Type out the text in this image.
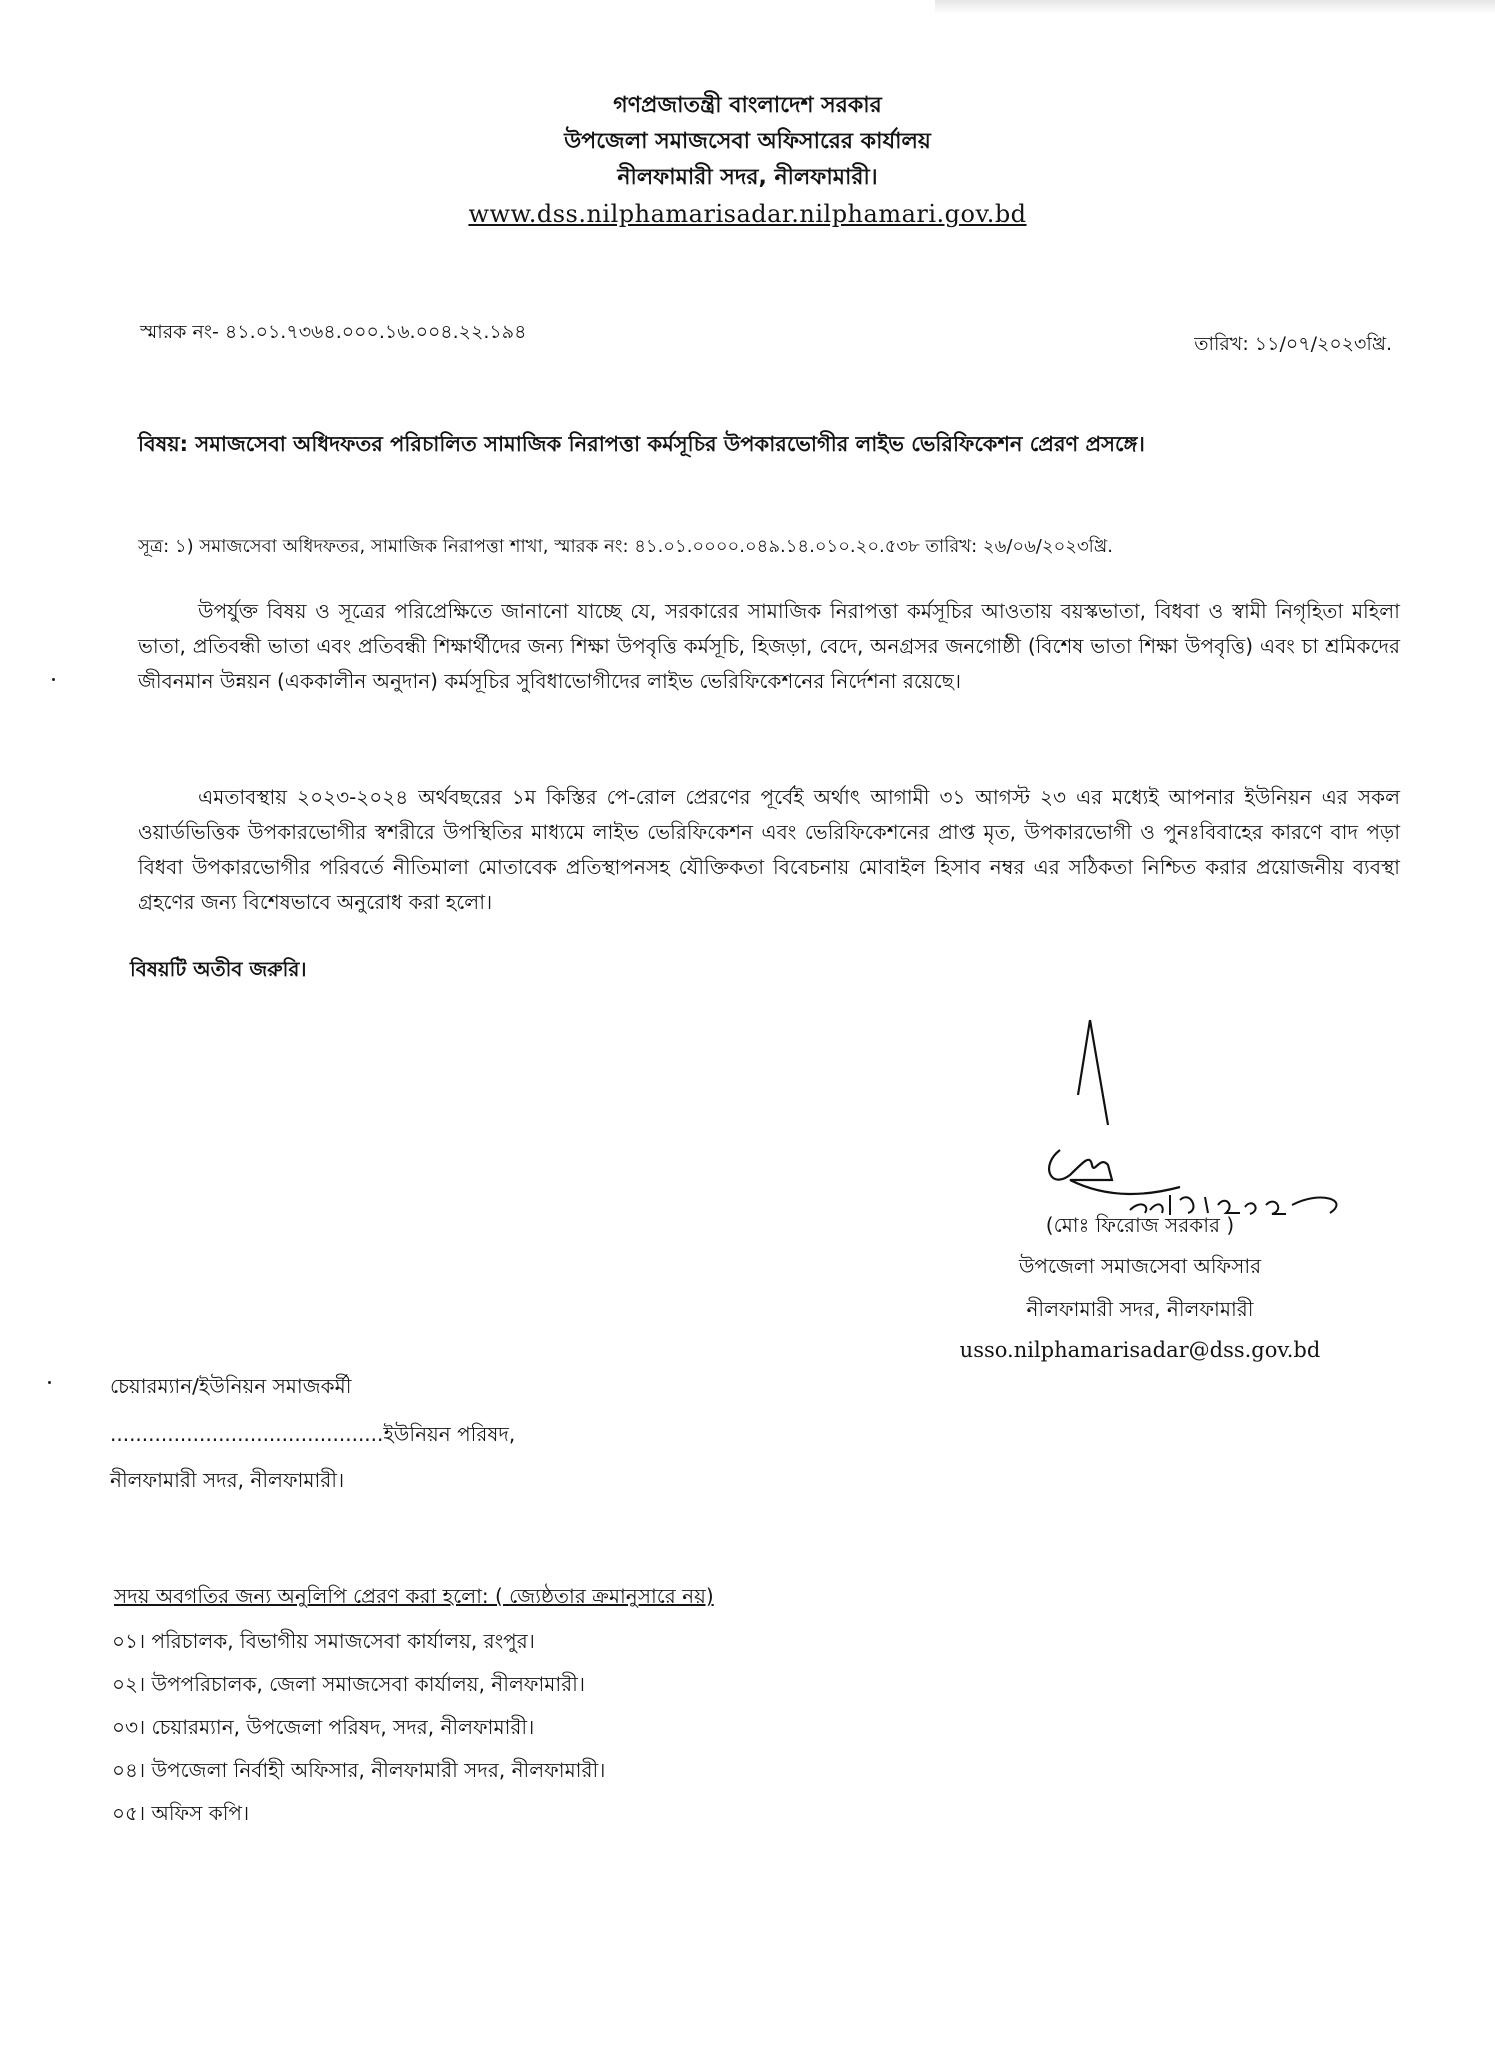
গণপ্রজাতন্ত্রী বাংলাদেশ সরকার
উপজেলা সমাজসেবা অফিসারের কার্যালয়
নীলফামারী সদর, নীলফামারী।
www.dss.nilphamarisadar.nilphamari.gov.bd
স্মারক নং- ৪১.০১.৭৩৬৪.০০০.১৬.০০৪.২২.১৯৪
তারিখ: ১১/০৭/২০২৩খ্রি.
বিষয়: সমাজসেবা অধিদফতর পরিচালিত সামাজিক নিরাপত্তা কর্মসূচির উপকারভোগীর লাইভ ভেরিফিকেশন প্রেরণ প্রসঙ্গে।
সূত্র: ১) সমাজসেবা অধিদফতর, সামাজিক নিরাপত্তা শাখা, স্মারক নং: ৪১.০১.০০০০.০৪৯.১৪.০১০.২০.৫৩৮ তারিখ: ২৬/০৬/২০২৩খ্রি.

উপর্যুক্ত বিষয় ও সূত্রের পরিপ্রেক্ষিতে জানানো যাচ্ছে যে, সরকারের সামাজিক নিরাপত্তা কর্মসূচির আওতায় বয়স্কভাতা, বিধবা ও স্বামী নিগৃহিতা মহিলা ভাতা, প্রতিবন্ধী ভাতা এবং প্রতিবন্ধী শিক্ষার্থীদের জন্য শিক্ষা উপবৃত্তি কর্মসূচি, হিজড়া, বেদে, অনগ্রসর জনগোষ্ঠী (বিশেষ ভাতা শিক্ষা উপবৃত্তি) এবং চা শ্রমিকদের জীবনমান উন্নয়ন (এককালীন অনুদান) কর্মসূচির সুবিধাভোগীদের লাইভ ভেরিফিকেশনের নির্দেশনা রয়েছে।

এমতাবস্থায় ২০২৩-২০২৪ অর্থবছরের ১ম কিস্তির পে-রোল প্রেরণের পূর্বেই অর্থাৎ আগামী ৩১ আগস্ট ২৩ এর মধ্যেই আপনার ইউনিয়ন এর সকল ওয়ার্ডভিত্তিক উপকারভোগীর স্বশরীরে উপস্থিতির মাধ্যমে লাইভ ভেরিফিকেশন এবং ভেরিফিকেশনের প্রাপ্ত মৃত, উপকারভোগী ও পুনঃবিবাহের কারণে বাদ পড়া বিধবা উপকারভোগীর পরিবর্তে নীতিমালা মোতাবেক প্রতিস্থাপনসহ যৌক্তিকতা বিবেচনায় মোবাইল হিসাব নম্বর এর সঠিকতা নিশ্চিত করার প্রয়োজনীয় ব্যবস্থা গ্রহণের জন্য বিশেষভাবে অনুরোধ করা হলো।

বিষয়টি অতীব জরুরি।
(মোঃ ফিরোজ সরকার )
উপজেলা সমাজসেবা অফিসার
নীলফামারী সদর, নীলফামারী
usso.nilphamarisadar@dss.gov.bd
চেয়ারম্যান/ইউনিয়ন সমাজকর্মী
...........................................ইউনিয়ন পরিষদ,
নীলফামারী সদর, নীলফামারী।
সদয় অবগতির জন্য অনুলিপি প্রেরণ করা হলো: ( জ্যেষ্ঠতার ক্রমানুসারে নয়)
০১। পরিচালক, বিভাগীয় সমাজসেবা কার্যালয়, রংপুর।
০২। উপপরিচালক, জেলা সমাজসেবা কার্যালয়, নীলফামারী।
০৩। চেয়ারম্যান, উপজেলা পরিষদ, সদর, নীলফামারী।
০৪। উপজেলা নির্বাহী অফিসার, নীলফামারী সদর, নীলফামারী।
০৫। অফিস কপি।
